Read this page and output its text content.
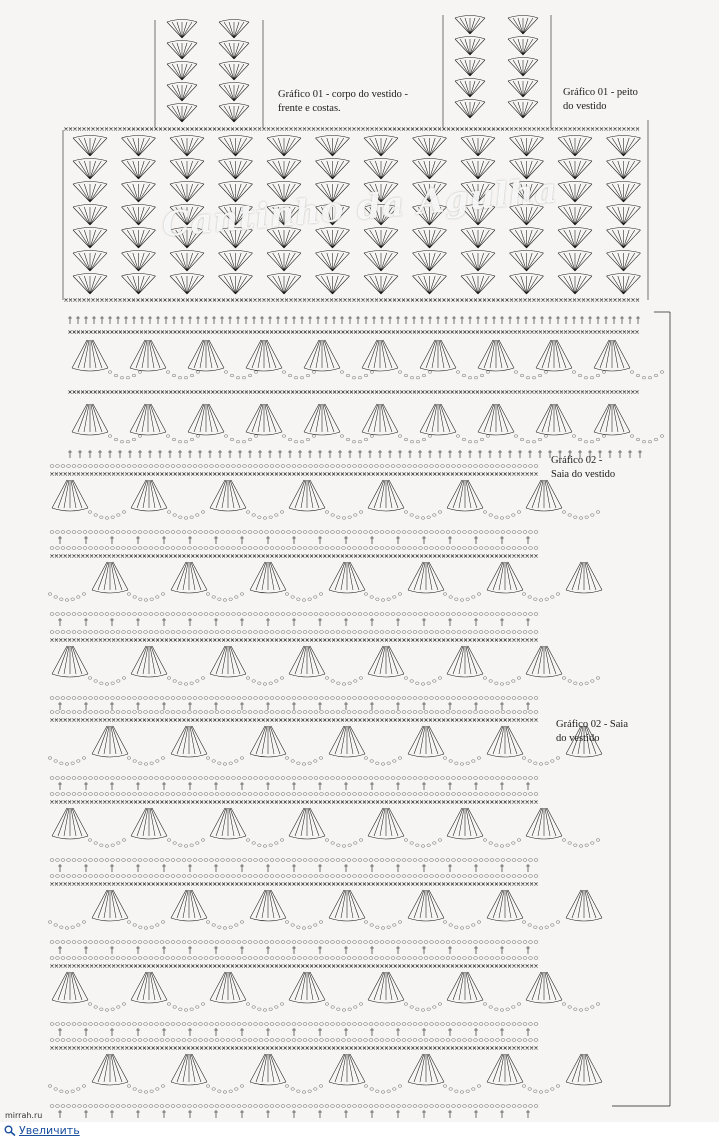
Cantinho da Agulha
Gráfico 01 - corpo do vestido -
frente e costas.
Gráfico 01 - peito
do vestido
Gráfico 02 -
Saia do vestido
Gráfico 02 - Saia
do vestido
mirrah.ru
Увеличить
